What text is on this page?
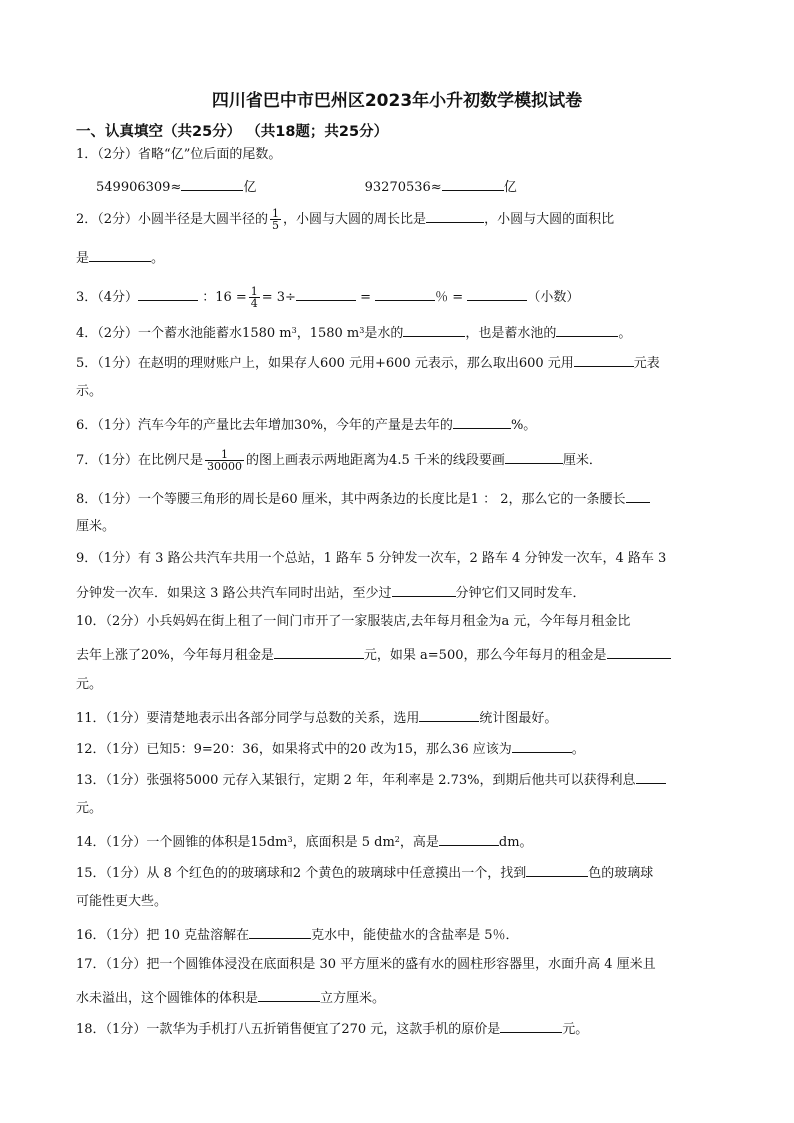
四川省巴中市巴州区2023年小升初数学模拟试卷
一、认真填空（共25分） （共18题；共25分）
1．（2分）省略“亿”位后面的尾数。
549906309≈	亿	93270536≈	亿
2．（2分）小圆半径是大圆半径的 $\frac{1}{5}$ ，小圆与大圆的周长比是	，小圆与大圆的面积比
是	。
3．（4分）	：$16 = \frac{1}{4} = 3\div$	=	％ =	（小数）
4．（2分）一个蓄水池能蓄水1580 $m^3$，1580 $m^3$是水的	，也是蓄水池的	。
5．（1分）在赵明的理财账户上，如果存人600 元用+600 元表示，那么取出600 元用	元表
示。
6．（1分）汽车今年的产量比去年增加30%，今年的产量是去年的	%。
7．（1分）在比例尺是 $\frac{1}{30000}$ 的图上画表示两地距离为4.5 千米的线段要画	厘米．
8．（1分）一个等腰三角形的周长是60 厘米，其中两条边的长度比是1 ： 2，那么它的一条腰长
厘米。
9．（1分）有 3 路公共汽车共用一个总站，1 路车 5 分钟发一次车，2 路车 4 分钟发一次车，4 路车 3
分钟发一次车．如果这 3 路公共汽车同时出站，至少过	分钟它们又同时发车．
10．（2分）小兵妈妈在街上租了一间门市开了一家服装店,去年每月租金为a 元，今年每月租金比
去年上涨了20%，今年每月租金是	元，如果 a=500，那么今年每月的租金是
元。
11．（1分）要清楚地表示出各部分同学与总数的关系，选用	统计图最好。
12．（1分）已知5：9=20：36，如果将式中的20 改为15，那么36 应该为	。
13．（1分）张强将5000 元存入某银行，定期 2 年，年利率是 2.73%，到期后他共可以获得利息
元。
14．（1分）一个圆锥的体积是$15dm^3$，底面积是 5 $dm^2$，高是	dm。
15．（1分）从 8 个红色的的玻璃球和2 个黄色的玻璃球中任意摸出一个，找到	色的玻璃球
可能性更大些。
16．（1分）把 10 克盐溶解在	克水中，能使盐水的含盐率是 5％．
17．（1分）把一个圆锥体浸没在底面积是 30 平方厘米的盛有水的圆柱形容器里，水面升高 4 厘米且
水未溢出，这个圆锥体的体积是	立方厘米。
18．（1分）一款华为手机打八五折销售便宜了270 元，这款手机的原价是	元。
